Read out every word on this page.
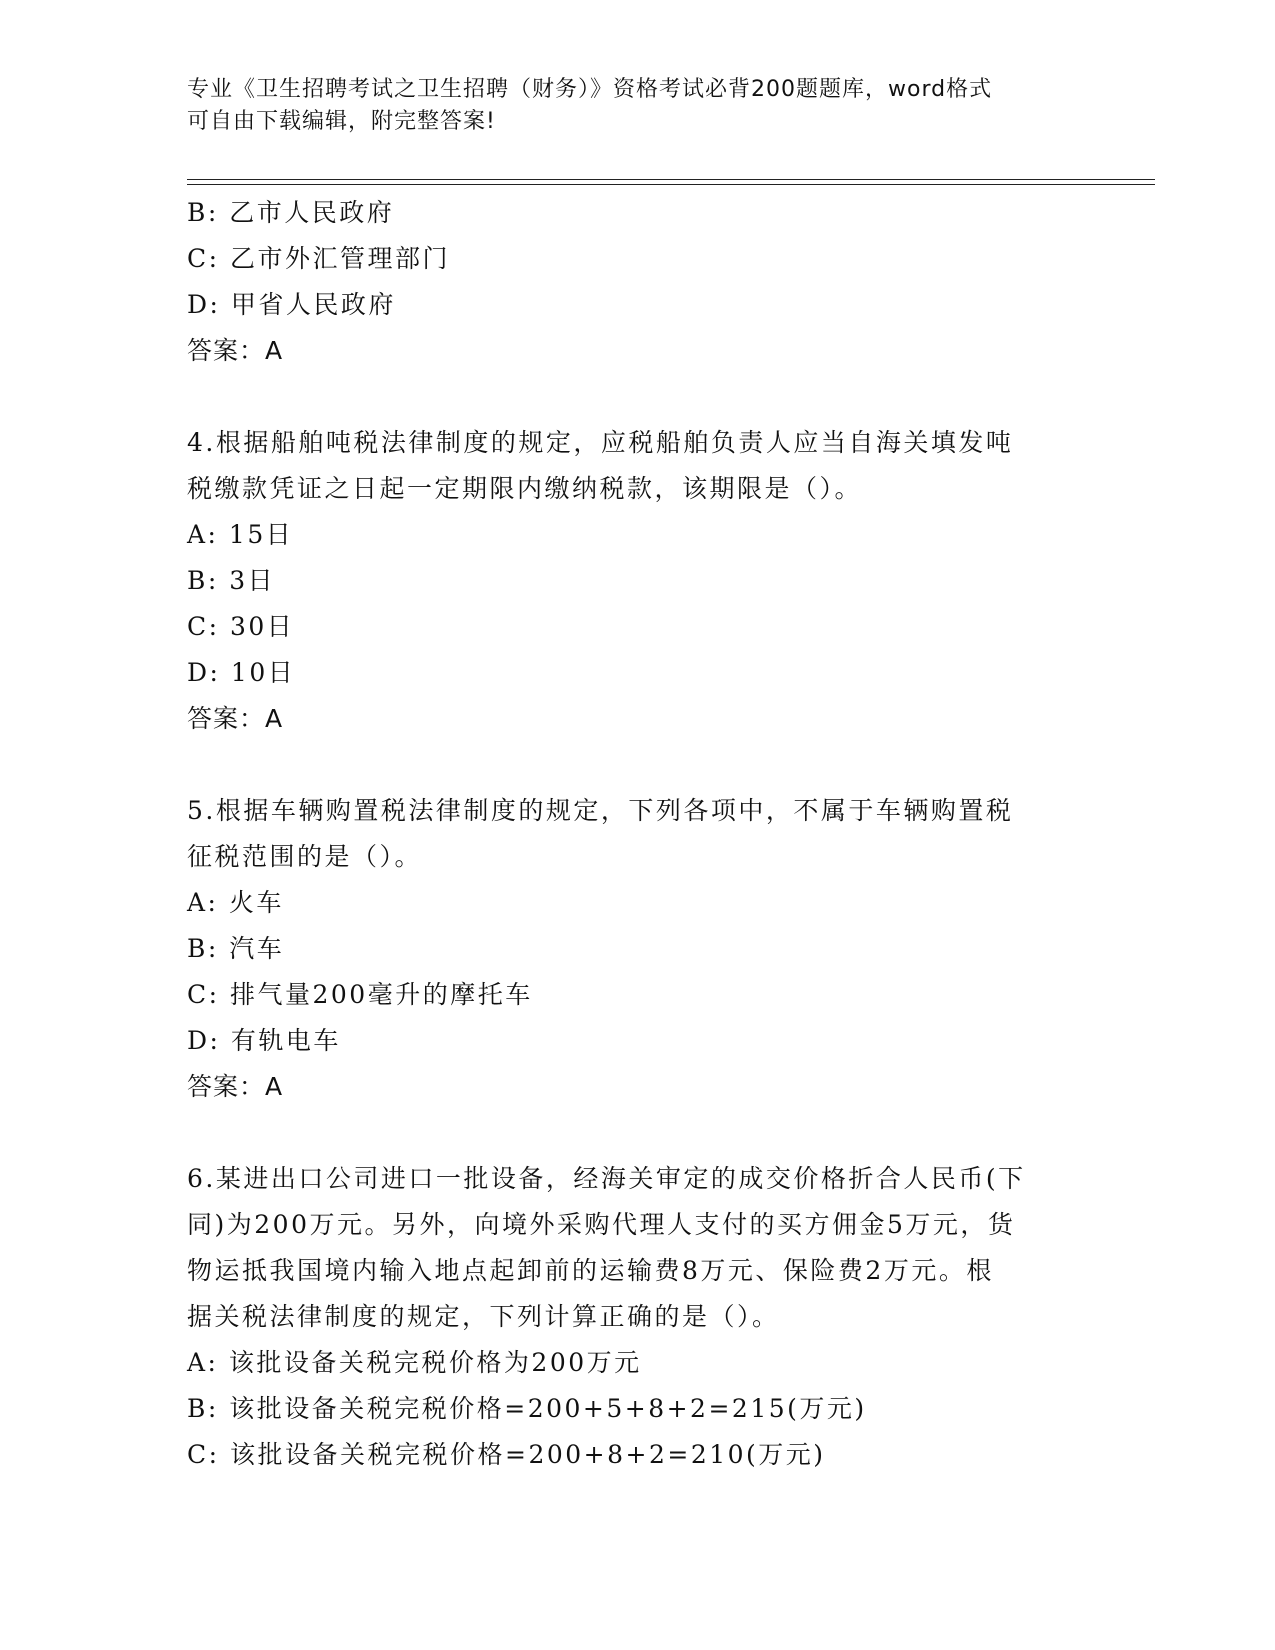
专业《卫生招聘考试之卫生招聘（财务）》资格考试必背200题题库，word格式
可自由下载编辑，附完整答案!
B: 乙市人民政府
C: 乙市外汇管理部门
D: 甲省人民政府
答案：A
4.根据船舶吨税法律制度的规定，应税船舶负责人应当自海关填发吨
税缴款凭证之日起一定期限内缴纳税款，该期限是（）。
A: 15日
B: 3日
C: 30日
D: 10日
答案：A
5.根据车辆购置税法律制度的规定，下列各项中，不属于车辆购置税
征税范围的是（）。
A: 火车
B: 汽车
C: 排气量200毫升的摩托车
D: 有轨电车
答案：A
6.某进出口公司进口一批设备，经海关审定的成交价格折合人民币(下
同)为200万元。另外，向境外采购代理人支付的买方佣金5万元，货
物运抵我国境内输入地点起卸前的运输费8万元、保险费2万元。根
据关税法律制度的规定，下列计算正确的是（）。
A: 该批设备关税完税价格为200万元
B: 该批设备关税完税价格=200+5+8+2=215(万元)
C: 该批设备关税完税价格=200+8+2=210(万元)
